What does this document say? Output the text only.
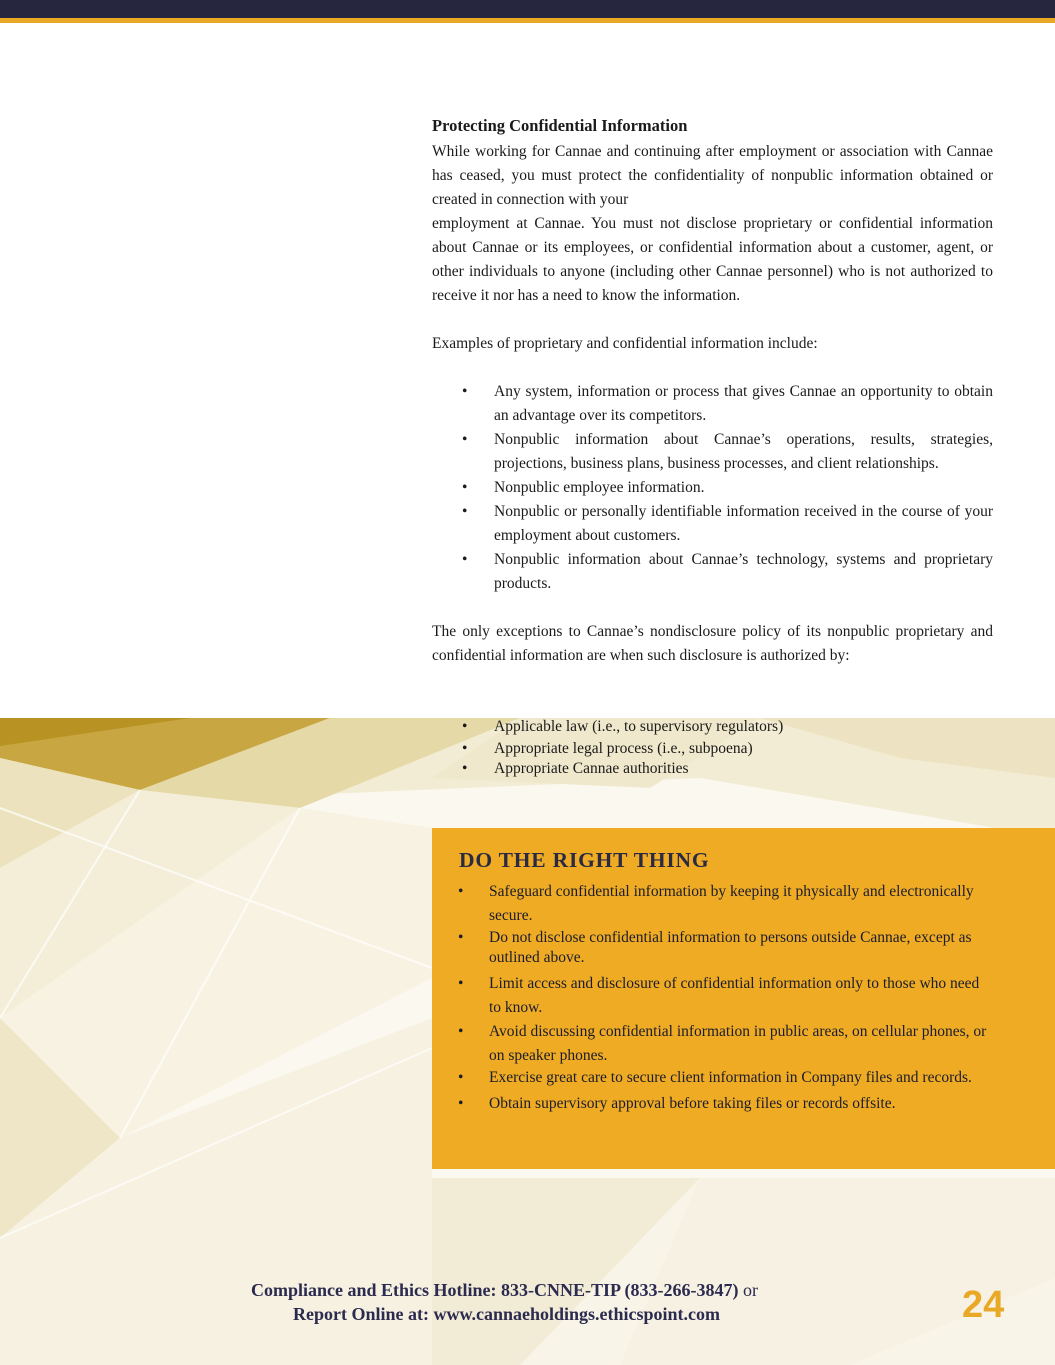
Protecting Confidential Information

While working for Cannae and continuing after employment or association with Cannae has ceased, you must protect the confidentiality of nonpublic information obtained or created in connection with your

employment at Cannae. You must not disclose proprietary or confidential information about Cannae or its employees, or confidential information about a customer, agent, or other individuals to anyone (including other Cannae personnel) who is not authorized to receive it nor has a need to know the information.

Examples of proprietary and confidential information include:

• Any system, information or process that gives Cannae an opportunity to obtain an advantage over its competitors.
• Nonpublic information about Cannae’s operations, results, strategies, projections, business plans, business processes, and client relationships.
• Nonpublic employee information.
• Nonpublic or personally identifiable information received in the course of your employment about customers.
• Nonpublic information about Cannae’s technology, systems and proprietary products.

The only exceptions to Cannae’s nondisclosure policy of its nonpublic proprietary and confidential information are when such disclosure is authorized by:

• Applicable law (i.e., to supervisory regulators)
• Appropriate legal process (i.e., subpoena)
• Appropriate Cannae authorities
DO THE RIGHT THING
• Safeguard confidential information by keeping it physically and electronically secure.
• Do not disclose confidential information to persons outside Cannae, except as outlined above.
• Limit access and disclosure of confidential information only to those who need to know.
• Avoid discussing confidential information in public areas, on cellular phones, or on speaker phones.
• Exercise great care to secure client information in Company files and records.
• Obtain supervisory approval before taking files or records offsite.
Compliance and Ethics Hotline: 833-CNNE-TIP (833-266-3847) or
Report Online at: www.cannaeholdings.ethicspoint.com	24
